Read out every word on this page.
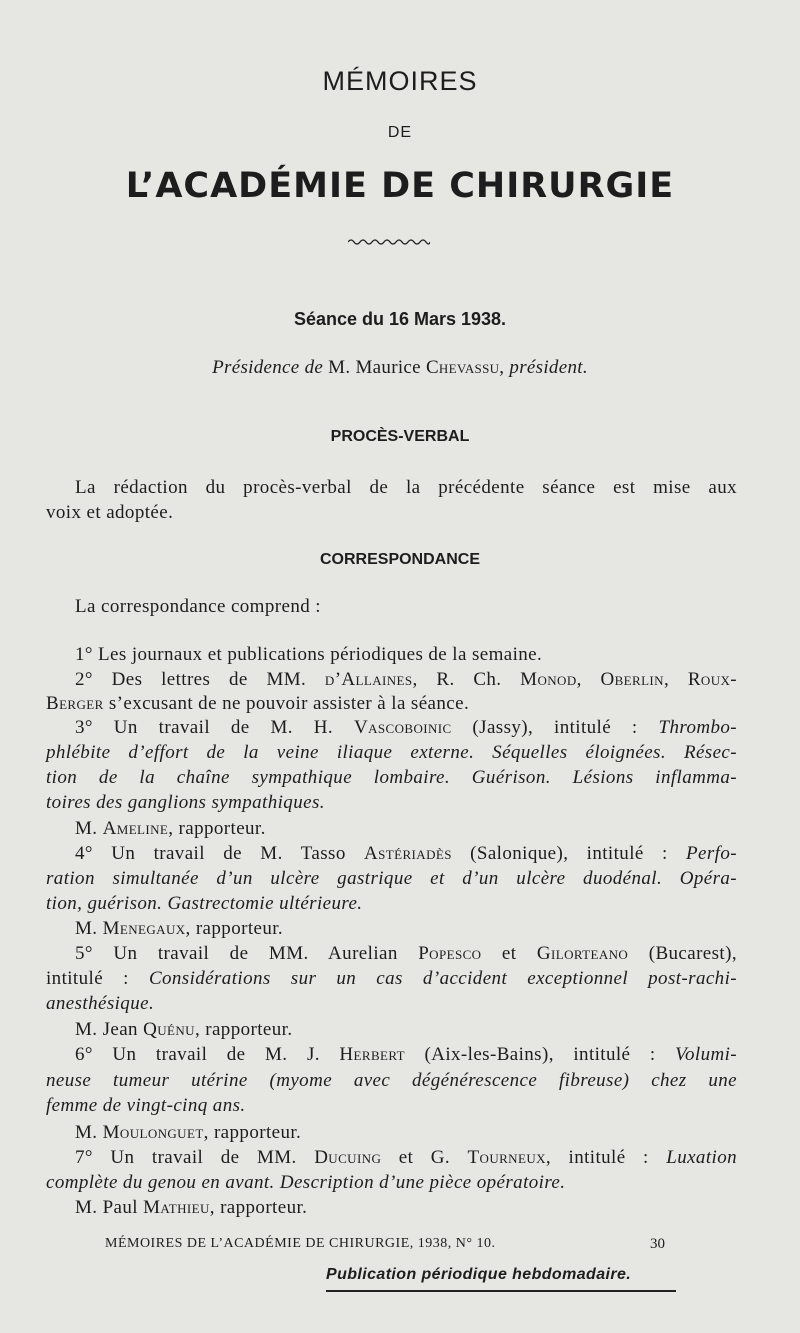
MÉMOIRES
DE
L’ACADÉMIE DE CHIRURGIE
Séance du 16 Mars 1938.
Présidence de M. Maurice Chevassu, président.
PROCÈS-VERBAL
La rédaction du procès-verbal de la précédente séance est mise aux
voix et adoptée.
CORRESPONDANCE
La correspondance comprend :
1° Les journaux et publications périodiques de la semaine.
2° Des lettres de MM. d’Allaines, R. Ch. Monod, Oberlin, Roux-
Berger s’excusant de ne pouvoir assister à la séance.
3° Un travail de M. H. Vascoboinic (Jassy), intitulé : Thrombo-
phlébite d’effort de la veine iliaque externe. Séquelles éloignées. Résec-
tion de la chaîne sympathique lombaire. Guérison. Lésions inflamma-
toires des ganglions sympathiques.
M. Ameline, rapporteur.
4° Un travail de M. Tasso Astériadès (Salonique), intitulé : Perfo-
ration simultanée d’un ulcère gastrique et d’un ulcère duodénal. Opéra-
tion, guérison. Gastrectomie ultérieure.
M. Menegaux, rapporteur.
5° Un travail de MM. Aurelian Popesco et Gilorteano (Bucarest),
intitulé : Considérations sur un cas d’accident exceptionnel post-rachi-
anesthésique.
M. Jean Quénu, rapporteur.
6° Un travail de M. J. Herbert (Aix-les-Bains), intitulé : Volumi-
neuse tumeur utérine (myome avec dégénérescence fibreuse) chez une
femme de vingt-cinq ans.
M. Moulonguet, rapporteur.
7° Un travail de MM. Ducuing et G. Tourneux, intitulé : Luxation
complète du genou en avant. Description d’une pièce opératoire.
M. Paul Mathieu, rapporteur.
MÉMOIRES DE L’ACADÉMIE DE CHIRURGIE, 1938, N° 10.	30
Publication périodique hebdomadaire.
